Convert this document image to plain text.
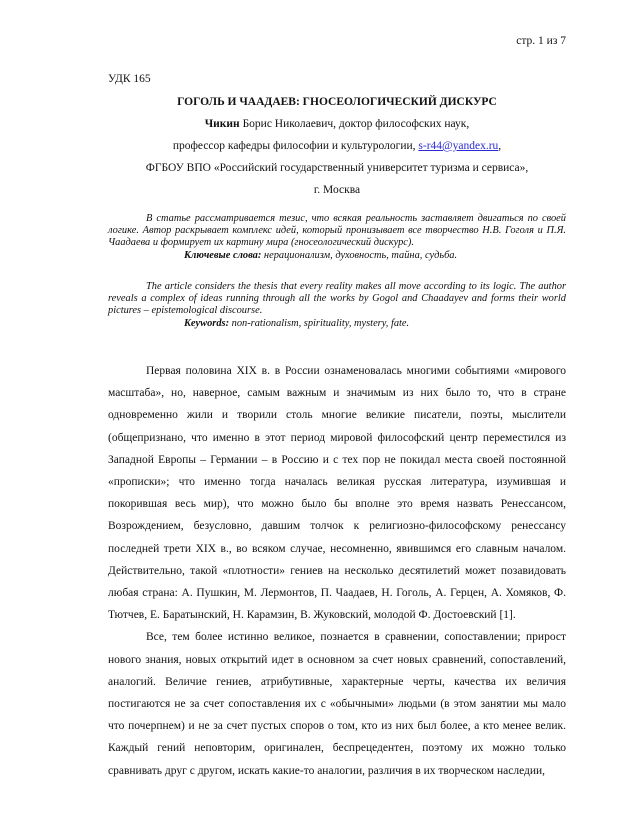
стр. 1 из 7
УДК 165
ГОГОЛЬ И ЧААДАЕВ: ГНОСЕОЛОГИЧЕСКИЙ ДИСКУРС
Чикин Борис Николаевич, доктор философских наук,
профессор кафедры философии и культурологии, s-r44@yandex.ru,
ФГБОУ ВПО «Российский государственный университет туризма и сервиса»,
г. Москва

В статье рассматривается тезис, что всякая реальность заставляет двигаться по своей логике. Автор раскрывает комплекс идей, который пронизывает все творчество Н.В. Гоголя и П.Я. Чаадаева и формирует их картину мира (гносеологический дискурс).

Ключевые слова: нерационализм, духовность, тайна, судьба.

The article considers the thesis that every reality makes all move according to its logic. The author reveals a complex of ideas running through all the works by Gogol and Chaadayev and forms their world pictures – epistemological discourse.

Keywords: non-rationalism, spirituality, mystery, fate.

Первая половина XIX в. в России ознаменовалась многими событиями «мирового масштаба», но, наверное, самым важным и значимым из них было то, что в стране одновременно жили и творили столь многие великие писатели, поэты, мыслители (общепризнано, что именно в этот период мировой философский центр переместился из Западной Европы – Германии – в Россию и с тех пор не покидал места своей постоянной «прописки»; что именно тогда началась великая русская литература, изумившая и покорившая весь мир), что можно было бы вполне это время назвать Ренессансом, Возрождением, безусловно, давшим толчок к религиозно-философскому ренессансу последней трети XIX в., во всяком случае, несомненно, явившимся его славным началом. Действительно, такой «плотности» гениев на несколько десятилетий может позавидовать любая страна: А. Пушкин, М. Лермонтов, П. Чаадаев, Н. Гоголь, А. Герцен, А. Хомяков, Ф. Тютчев, Е. Баратынский, Н. Карамзин, В. Жуковский, молодой Ф. Достоевский [1].

Все, тем более истинно великое, познается в сравнении, сопоставлении; прирост нового знания, новых открытий идет в основном за счет новых сравнений, сопоставлений, аналогий. Величие гениев, атрибутивные, характерные черты, качества их величия постигаются не за счет сопоставления их с «обычными» людьми (в этом занятии мы мало что почерпнем) и не за счет пустых споров о том, кто из них был более, а кто менее велик. Каждый гений неповторим, оригинален, беспрецедентен, поэтому их можно только сравнивать друг с другом, искать какие-то аналогии, различия в их творческом наследии,
